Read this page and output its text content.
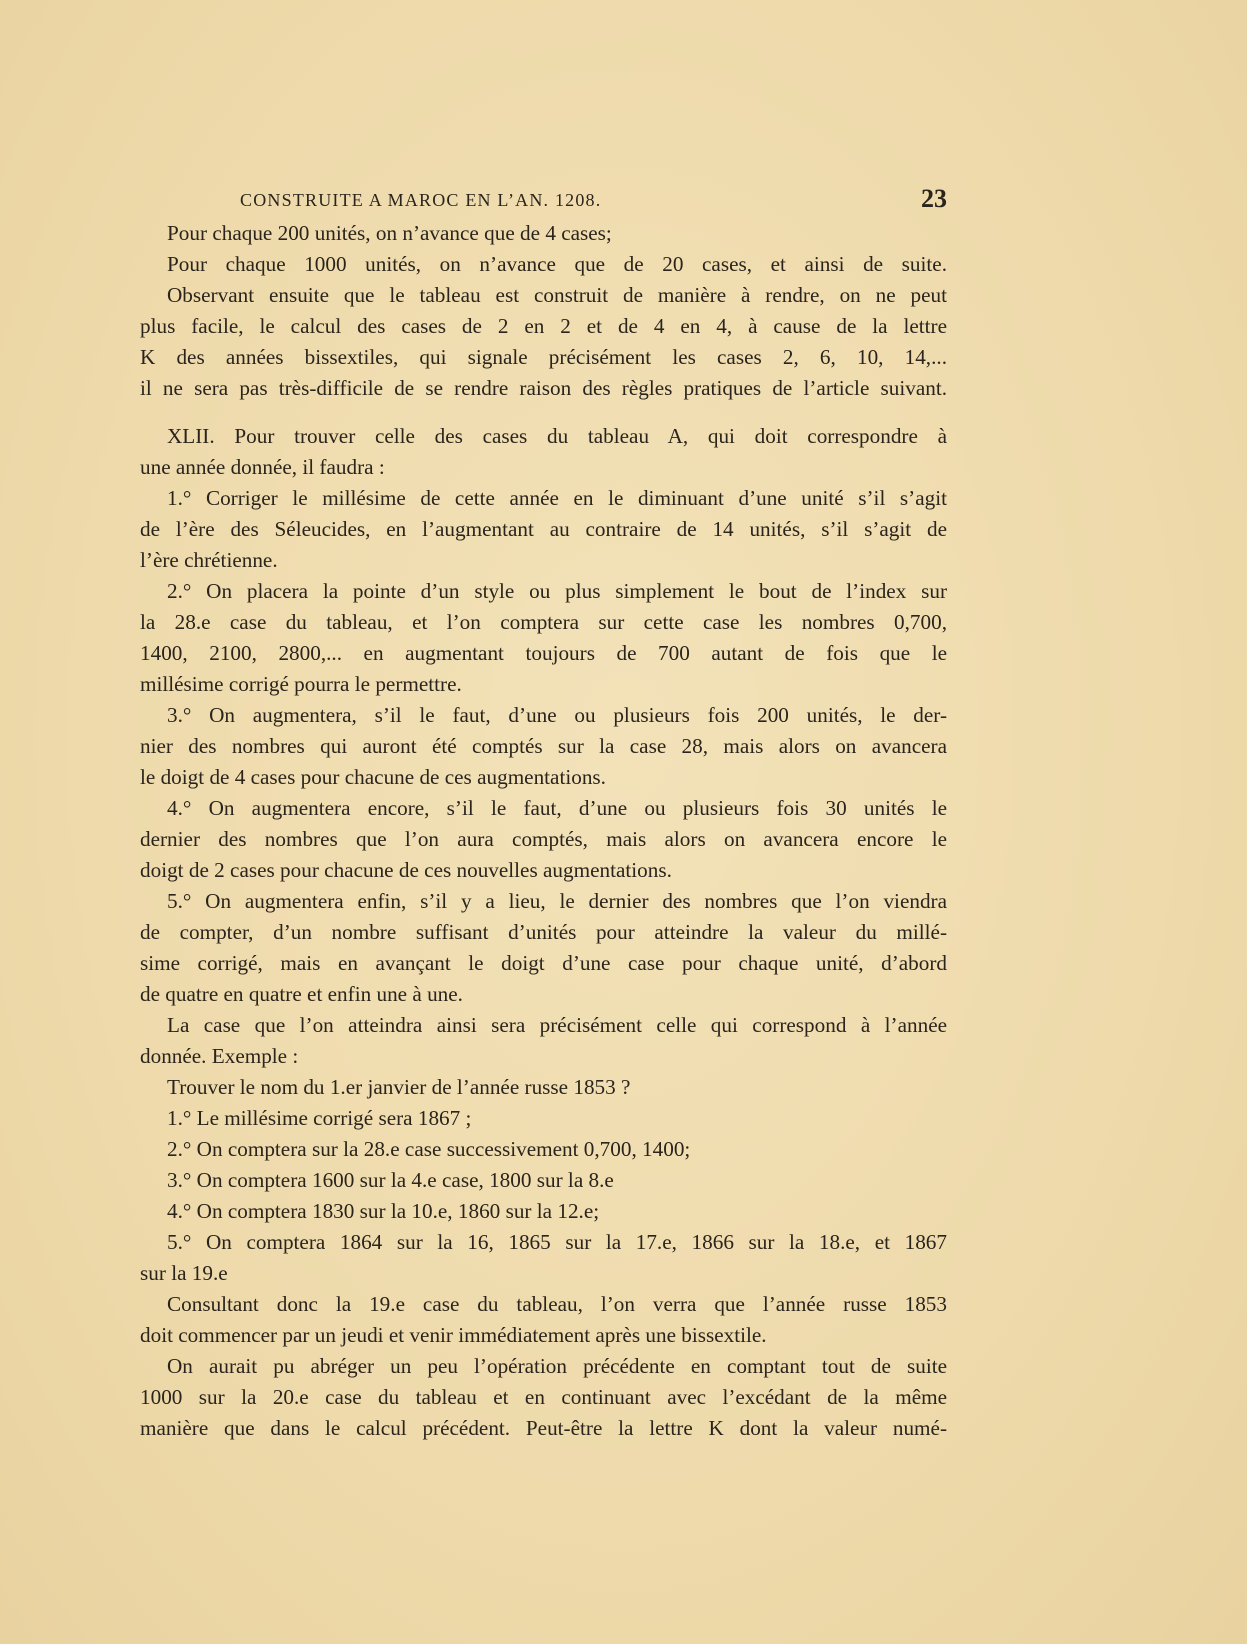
CONSTRUITE A MAROC EN L’AN. 1208.	23
Pour chaque 200 unités, on n’avance que de 4 cases;
Pour chaque 1000 unités, on n’avance que de 20 cases, et ainsi de suite.
Observant ensuite que le tableau est construit de manière à rendre, on ne peut
plus facile, le calcul des cases de 2 en 2 et de 4 en 4, à cause de la lettre
K des années bissextiles, qui signale précisément les cases 2, 6, 10, 14,...
il ne sera pas très-difficile de se rendre raison des règles pratiques de l’article suivant.
XLII. Pour trouver celle des cases du tableau A, qui doit correspondre à
une année donnée, il faudra :
1.° Corriger le millésime de cette année en le diminuant d’une unité s’il s’agit
de l’ère des Séleucides, en l’augmentant au contraire de 14 unités, s’il s’agit de
l’ère chrétienne.
2.° On placera la pointe d’un style ou plus simplement le bout de l’index sur
la 28.e case du tableau, et l’on comptera sur cette case les nombres 0,700,
1400, 2100, 2800,... en augmentant toujours de 700 autant de fois que le
millésime corrigé pourra le permettre.
3.° On augmentera, s’il le faut, d’une ou plusieurs fois 200 unités, le der-
nier des nombres qui auront été comptés sur la case 28, mais alors on avancera
le doigt de 4 cases pour chacune de ces augmentations.
4.° On augmentera encore, s’il le faut, d’une ou plusieurs fois 30 unités le
dernier des nombres que l’on aura comptés, mais alors on avancera encore le
doigt de 2 cases pour chacune de ces nouvelles augmentations.
5.° On augmentera enfin, s’il y a lieu, le dernier des nombres que l’on viendra
de compter, d’un nombre suffisant d’unités pour atteindre la valeur du millé-
sime corrigé, mais en avançant le doigt d’une case pour chaque unité, d’abord
de quatre en quatre et enfin une à une.
La case que l’on atteindra ainsi sera précisément celle qui correspond à l’année
donnée. Exemple :
Trouver le nom du 1.er janvier de l’année russe 1853 ?
1.° Le millésime corrigé sera 1867 ;
2.° On comptera sur la 28.e case successivement 0,700, 1400;
3.° On comptera 1600 sur la 4.e case, 1800 sur la 8.e
4.° On comptera 1830 sur la 10.e, 1860 sur la 12.e;
5.° On comptera 1864 sur la 16, 1865 sur la 17.e, 1866 sur la 18.e, et 1867
sur la 19.e
Consultant donc la 19.e case du tableau, l’on verra que l’année russe 1853
doit commencer par un jeudi et venir immédiatement après une bissextile.
On aurait pu abréger un peu l’opération précédente en comptant tout de suite
1000 sur la 20.e case du tableau et en continuant avec l’excédant de la même
manière que dans le calcul précédent. Peut-être la lettre K dont la valeur numé-
